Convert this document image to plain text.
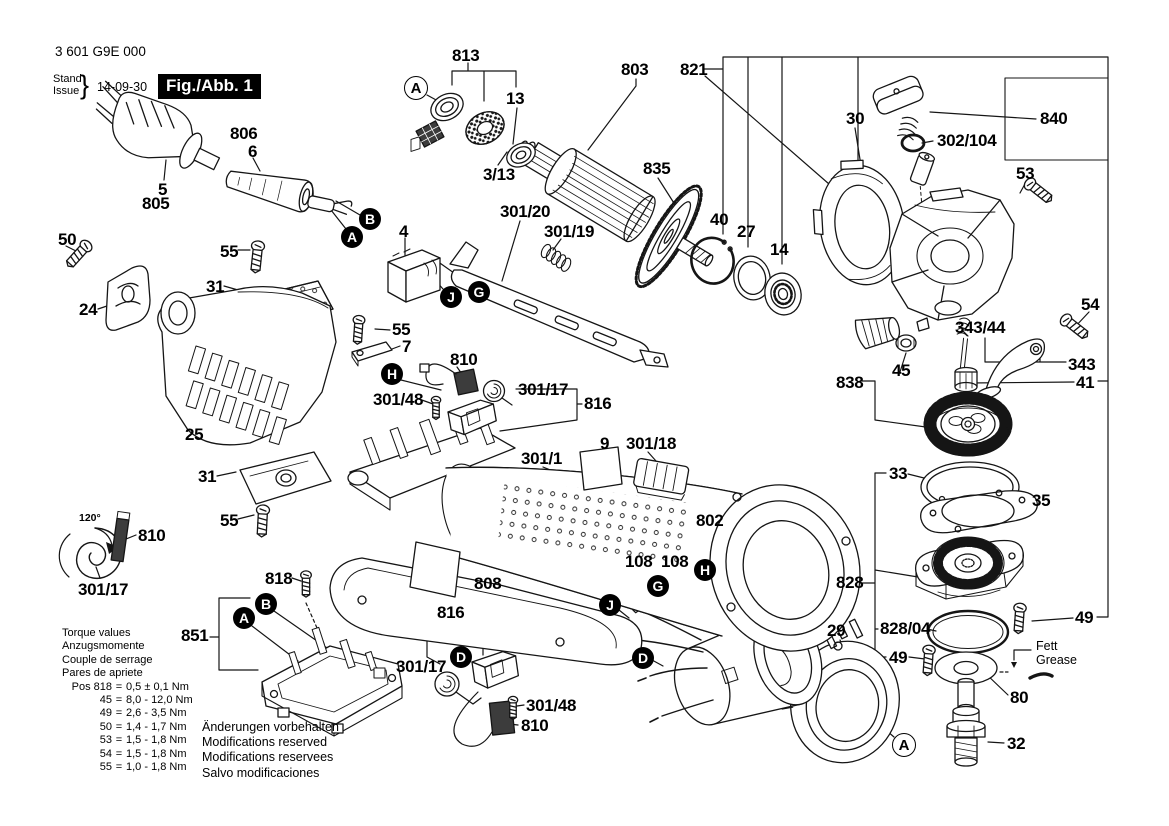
3 601 G9E 000
Stand
Issue } 14-09-30	Fig./Abb. 1
Torque values
Anzugsmomente
Couple de serrage
Pares de apriete
Pos 818 = 0,5 ± 0,1 Nm
45 = 8,0 - 12,0 Nm
49 = 2,6 - 3,5 Nm
50 = 1,4 - 1,7 Nm
53 = 1,5 - 1,8 Nm
54 = 1,5 - 1,8 Nm
55 = 1,0 - 1,8 Nm
Änderungen vorbehalten
Modifications reserved
Modifications reservees
Salvo modificaciones
Fett
Grease
120°
813
803 821
13
3/13	835
30	840
302/104
53
806
6
5
805
50
55
31
24
4
301/20
301/19
40
27
14
54
343/44
343
45
838	41
55
7
810
301/48
301/17
816
301/1
9 301/18
25
31
55
810
301/17
818
851
808
816
301/17
301/48
810
802
108 108
828
33
35
828/04
49
49
29
80
32
A
B
A
J	G
H
B
A
D
H
G
J
D
A
